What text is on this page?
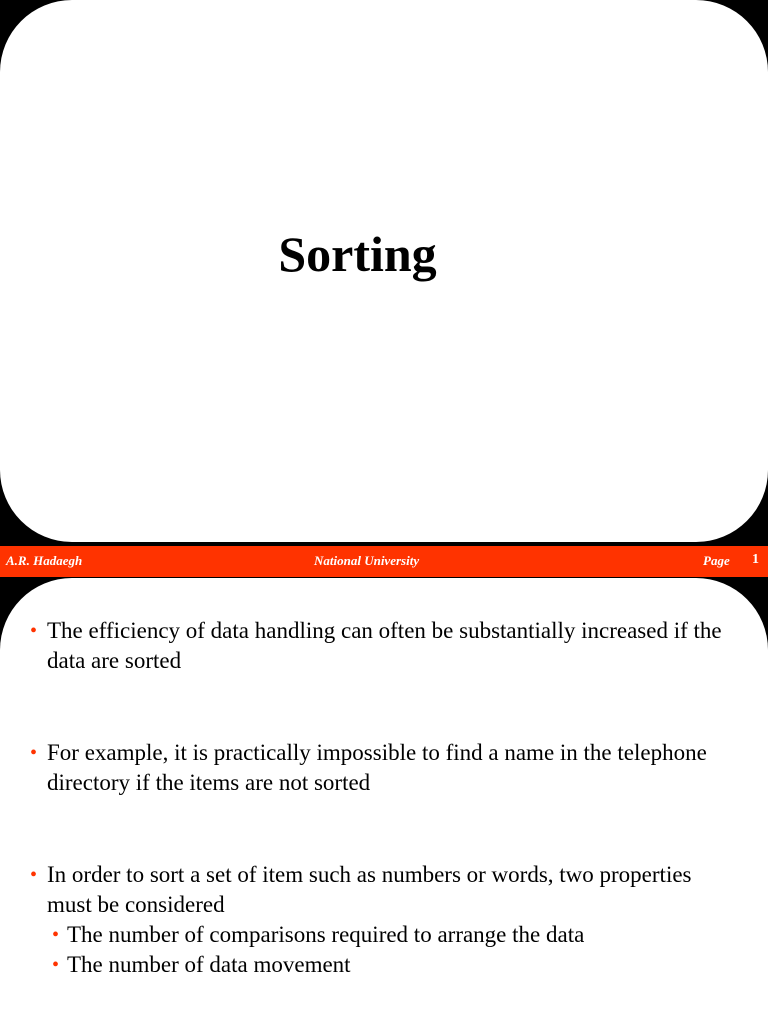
Sorting
A.R. Hadaegh	National University	Page 1
• The efficiency of data handling can often be substantially increased if the data are sorted
• For example, it is practically impossible to find a name in the telephone directory if the items are not sorted
• In order to sort a set of item such as numbers or words, two properties must be considered
• The number of comparisons required to arrange the data
• The number of data movement
